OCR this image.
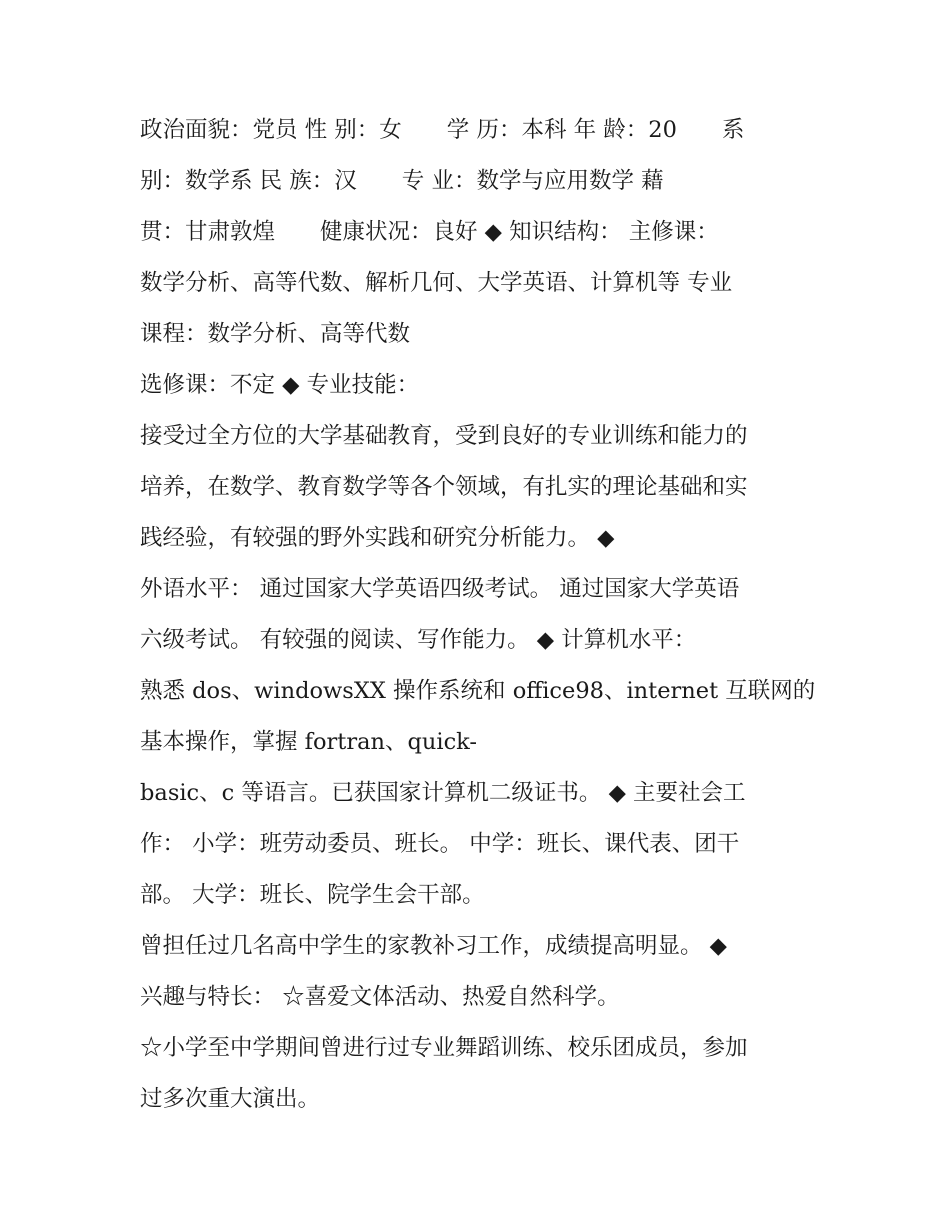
政治面貌：党员 性 别：女　　学 历：本科 年 龄：20　　系
别：数学系 民 族：汉　　专 业：数学与应用数学 藉
贯：甘肃敦煌　　健康状况：良好 ◆ 知识结构： 主修课：
数学分析、高等代数、解析几何、大学英语、计算机等 专业
课程：数学分析、高等代数
选修课：不定 ◆ 专业技能：
接受过全方位的大学基础教育，受到良好的专业训练和能力的
培养，在数学、教育数学等各个领域，有扎实的理论基础和实
践经验，有较强的野外实践和研究分析能力。 ◆
外语水平： 通过国家大学英语四级考试。 通过国家大学英语
六级考试。 有较强的阅读、写作能力。 ◆ 计算机水平：
熟悉 dos、windowsXX 操作系统和 office98、internet 互联网的
基本操作，掌握 fortran、quick-
basic、c 等语言。已获国家计算机二级证书。 ◆ 主要社会工
作： 小学：班劳动委员、班长。 中学：班长、课代表、团干
部。 大学：班长、院学生会干部。
曾担任过几名高中学生的家教补习工作，成绩提高明显。 ◆
兴趣与特长： ☆喜爱文体活动、热爱自然科学。
☆小学至中学期间曾进行过专业舞蹈训练、校乐团成员，参加
过多次重大演出。
